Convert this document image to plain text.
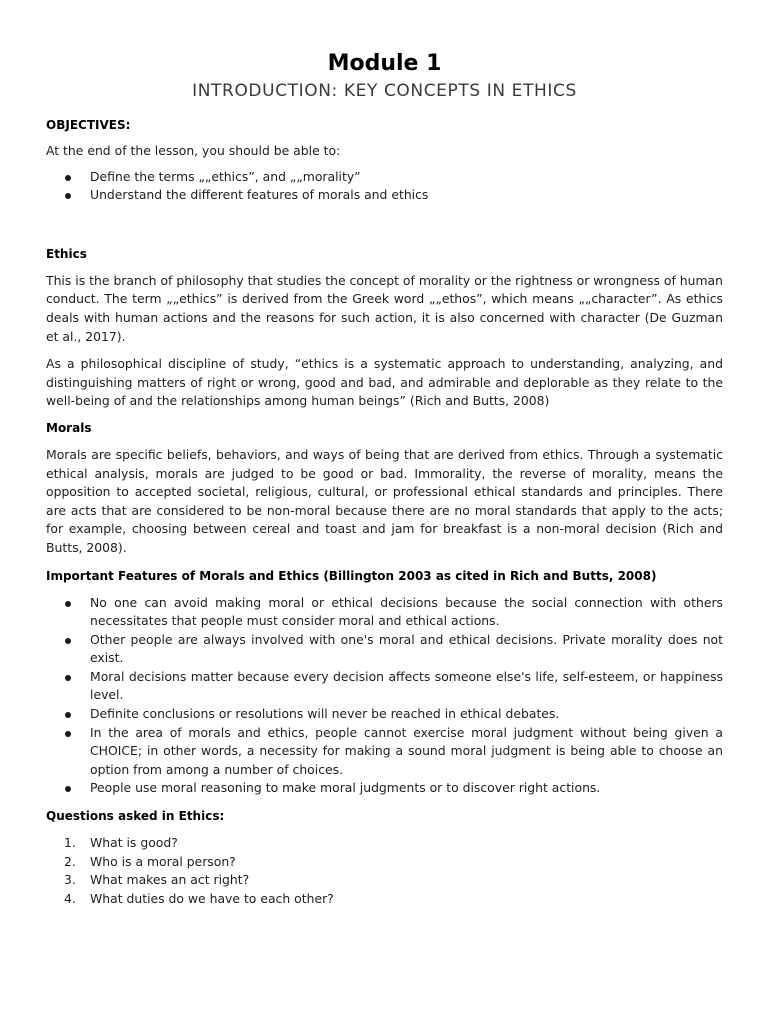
Module 1
INTRODUCTION: KEY CONCEPTS IN ETHICS
OBJECTIVES:

At the end of the lesson, you should be able to:

Define the terms „„ethics”, and „„morality”
Understand the different features of morals and ethics
Ethics

This is the branch of philosophy that studies the concept of morality or the rightness or wrongness of human conduct. The term „„ethics” is derived from the Greek word „„ethos”, which means „„character”. As ethics deals with human actions and the reasons for such action, it is also concerned with character (De Guzman et al., 2017).

As a philosophical discipline of study, “ethics is a systematic approach to understanding, analyzing, and distinguishing matters of right or wrong, good and bad, and admirable and deplorable as they relate to the well-being of and the relationships among human beings” (Rich and Butts, 2008)

Morals

Morals are specific beliefs, behaviors, and ways of being that are derived from ethics. Through a systematic ethical analysis, morals are judged to be good or bad. Immorality, the reverse of morality, means the opposition to accepted societal, religious, cultural, or professional ethical standards and principles. There are acts that are considered to be non-moral because there are no moral standards that apply to the acts; for example, choosing between cereal and toast and jam for breakfast is a non-moral decision (Rich and Butts, 2008).

Important Features of Morals and Ethics (Billington 2003 as cited in Rich and Butts, 2008)
No one can avoid making moral or ethical decisions because the social connection with others necessitates that people must consider moral and ethical actions.
Other people are always involved with one's moral and ethical decisions. Private morality does not exist.
Moral decisions matter because every decision affects someone else's life, self-esteem, or happiness level.
Definite conclusions or resolutions will never be reached in ethical debates.
In the area of morals and ethics, people cannot exercise moral judgment without being given a CHOICE; in other words, a necessity for making a sound moral judgment is being able to choose an option from among a number of choices.
People use moral reasoning to make moral judgments or to discover right actions.
Questions asked in Ethics:
1. What is good?
2. Who is a moral person?
3. What makes an act right?
4. What duties do we have to each other?
